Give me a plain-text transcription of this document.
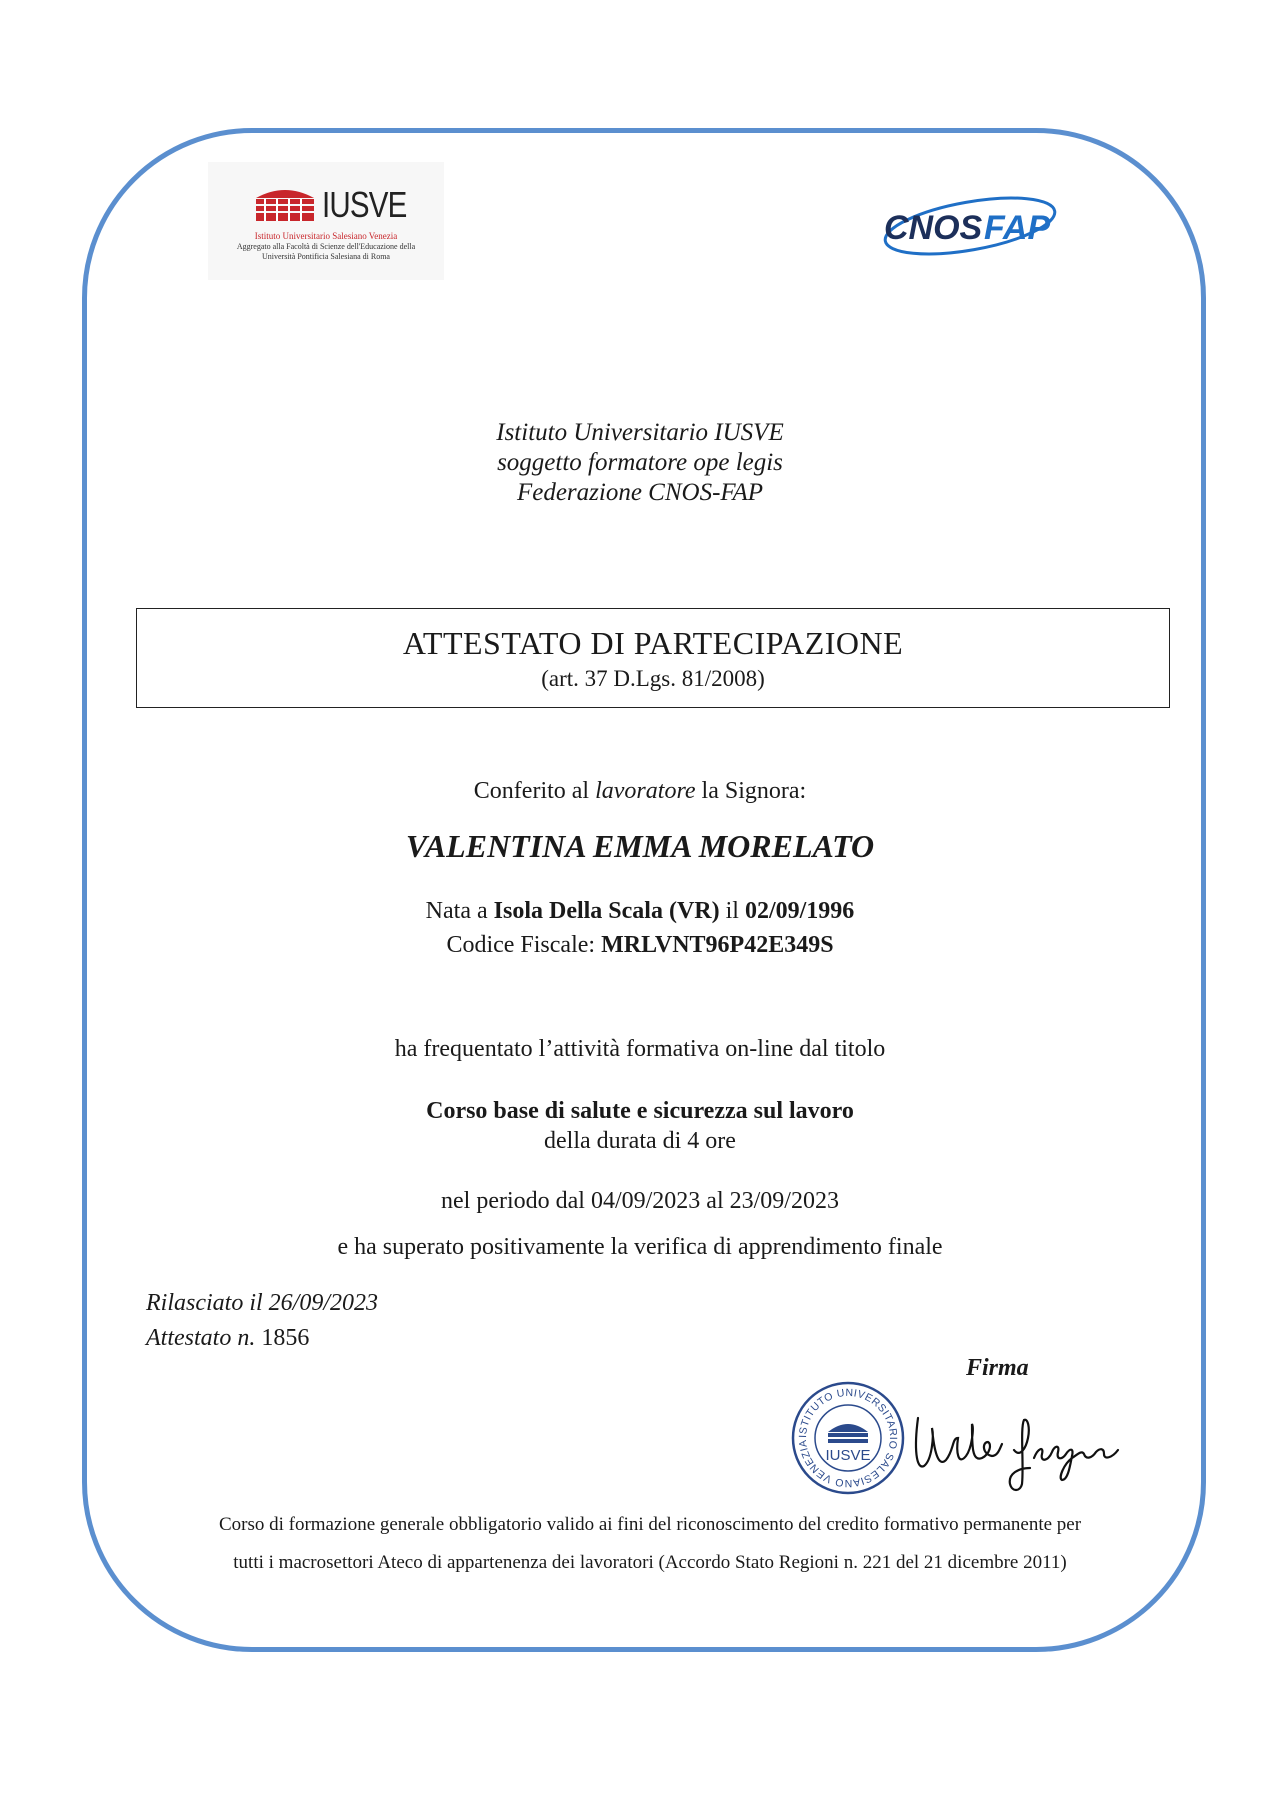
IUSVE
Istituto Universitario Salesiano Venezia
Aggregato alla Facoltà di Scienze dell'Educazione della
Università Pontificia Salesiana di Roma
CNOS FAP
Istituto Universitario IUSVE
soggetto formatore ope legis
Federazione CNOS-FAP
ATTESTATO DI PARTECIPAZIONE
(art. 37 D.Lgs. 81/2008)
Conferito al lavoratore la Signora:
VALENTINA EMMA MORELATO
Nata a Isola Della Scala (VR) il 02/09/1996
Codice Fiscale: MRLVNT96P42E349S
ha frequentato l’attività formativa on-line dal titolo
Corso base di salute e sicurezza sul lavoro
della durata di 4 ore
nel periodo dal 04/09/2023 al 23/09/2023
e ha superato positivamente la verifica di apprendimento finale
Rilasciato il 26/09/2023
Attestato n. 1856
Firma
ISTITUTO UNIVERSITARIO SALESIANO VENEZIA
IUSVE
Corso di formazione generale obbligatorio valido ai fini del riconoscimento del credito formativo permanente per
tutti i macrosettori Ateco di appartenenza dei lavoratori (Accordo Stato Regioni n. 221 del 21 dicembre 2011)
